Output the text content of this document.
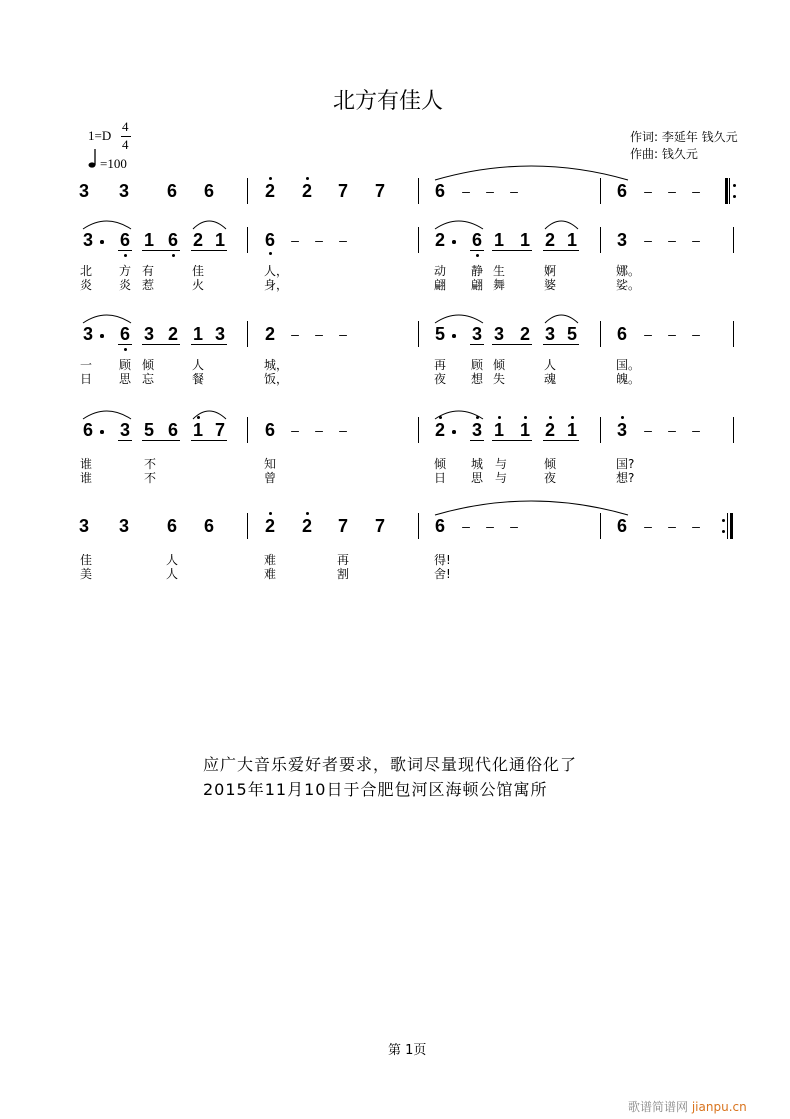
北方有佳人
1=D
4
4
=100
作词: 李延年 钱久元
作曲: 钱久元
3 3 6 6	2 2 7 7	6 – – –	6 – – –
3 6 1 6 2 1 6 – – –	2 6 1 1 2 1 3 – – –
北 方 有	佳	人，	动 静 生	婀	娜。
炎 炎 惹	火	身，	翩 翩 舞	婆	娑。
3 6 3 2 1 3 2 – – –	5 3 3 2 3 5 6 – – –
一 顾 倾	人	城，	再 顾 倾	人	国。
日 思 忘	餐	饭，	夜 想 失	魂	魄。
6 3 5 6 1 7 6 – – –	2 3 1 1 2 1 3 – – –
谁	不	知	倾 城 与	倾	国?
谁	不	曾	日 思 与	夜	想?
3 3 6 6	2 2 7 7	6 – – –	6 – – –
佳	人	难	再	得!
美	人	难	割	舍!
应广大音乐爱好者要求，歌词尽量现代化通俗化了
2015年11月10日于合肥包河区海顿公馆寓所
第 1页
歌谱简谱网 jianpu.cn
